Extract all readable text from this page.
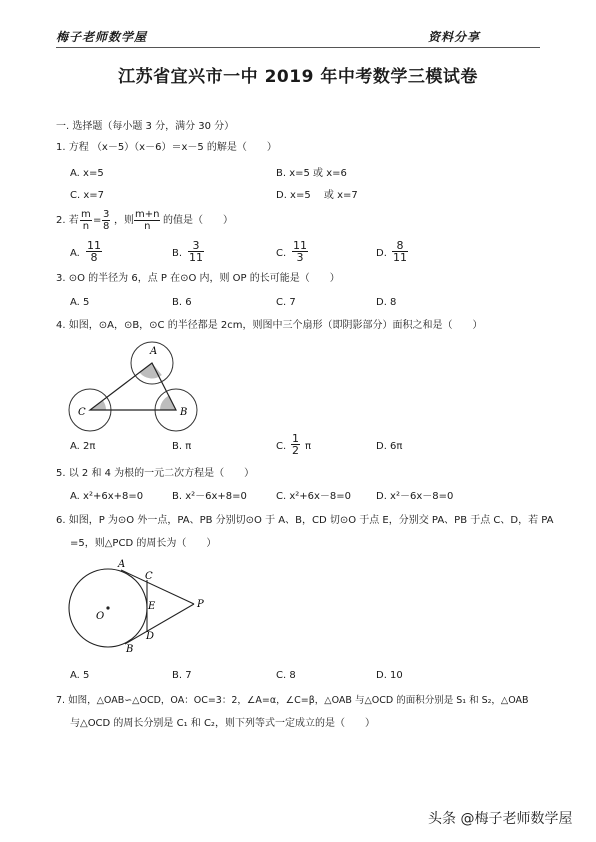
梅子老师数学屋	资料分享
江苏省宜兴市一中 2019 年中考数学三模试卷
一. 选择题（每小题 3 分，满分 30 分）
1. 方程 （x－5）（x－6）＝x－5 的解是（　　）
A. x=5	B. x=5 或 x=6
C. x=7	D. x=5　 或 x=7
2. 若 $\frac{m}{n} = \frac{3}{8}$ ，则 $\frac{m+n}{n}$ 的值是（　　）
A. $\frac{11}{8}$	B. $\frac{3}{11}$	C. $\frac{11}{3}$	D. $\frac{8}{11}$
3. ⊙O 的半径为 6，点 P 在⊙O 内，则 OP 的长可能是（　　）
A. 5	B. 6	C. 7	D. 8
4. 如图，⊙A，⊙B，⊙C 的半径都是 2cm，则图中三个扇形（即阴影部分）面积之和是（　　）
A
C	B
A. 2π	B. π	C. $\frac{1}{2}$ π	D. 6π
5. 以 2 和 4 为根的一元二次方程是（　　）
A. x²+6x+8=0	B. x²－6x+8=0	C. x²+6x－8=0 D. x²－6x－8=0
6. 如图，P 为⊙O 外一点，PA、PB 分别切⊙O 于 A、B，CD 切⊙O 于点 E，分别交 PA、PB 于点 C、D，若 PA
=5，则△PCD 的周长为（　　）
A
C
E
D
B
O
P
A. 5	B. 7	C. 8	D. 10
7. 如图，△OAB∽△OCD，OA：OC=3：2，∠A=α，∠C=β，△OAB 与△OCD 的面积分别是 S₁ 和 S₂，△OAB
与△OCD 的周长分别是 C₁ 和 C₂，则下列等式一定成立的是（　　）
头条 @梅子老师数学屋
